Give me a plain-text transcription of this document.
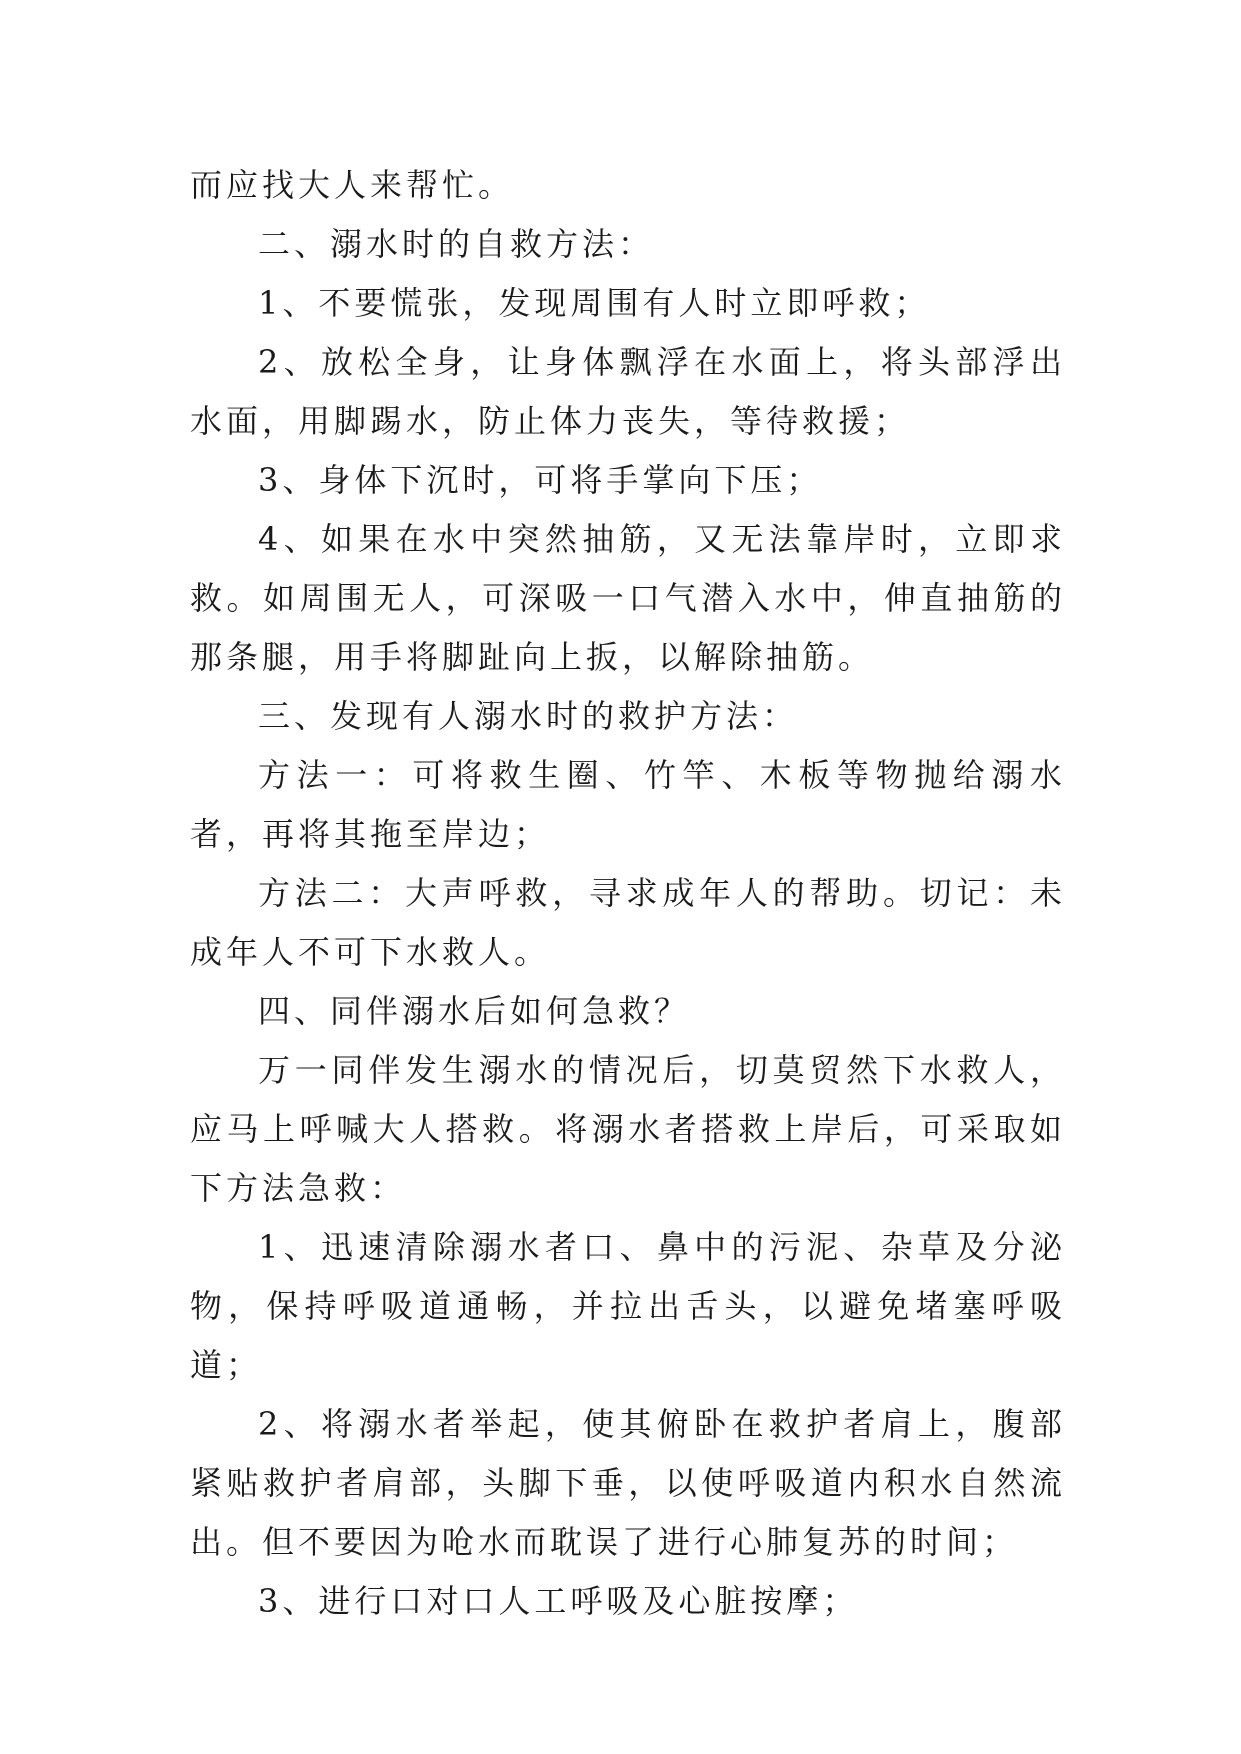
而应找大人来帮忙。

二、溺水时的自救方法：

1、不要慌张，发现周围有人时立即呼救；

2、放松全身，让身体飘浮在水面上，将头部浮出水面，用脚踢水，防止体力丧失，等待救援；

3、身体下沉时，可将手掌向下压；

4、如果在水中突然抽筋，又无法靠岸时，立即求救。如周围无人，可深吸一口气潜入水中，伸直抽筋的那条腿，用手将脚趾向上扳，以解除抽筋。

三、发现有人溺水时的救护方法：

方法一：可将救生圈、竹竿、木板等物抛给溺水者，再将其拖至岸边；

方法二：大声呼救，寻求成年人的帮助。切记：未成年人不可下水救人。

四、同伴溺水后如何急救？

万一同伴发生溺水的情况后，切莫贸然下水救人，应马上呼喊大人搭救。将溺水者搭救上岸后，可采取如下方法急救：

1、迅速清除溺水者口、鼻中的污泥、杂草及分泌物，保持呼吸道通畅，并拉出舌头，以避免堵塞呼吸道；

2、将溺水者举起，使其俯卧在救护者肩上，腹部紧贴救护者肩部，头脚下垂，以使呼吸道内积水自然流出。但不要因为呛水而耽误了进行心肺复苏的时间；

3、进行口对口人工呼吸及心脏按摩；
